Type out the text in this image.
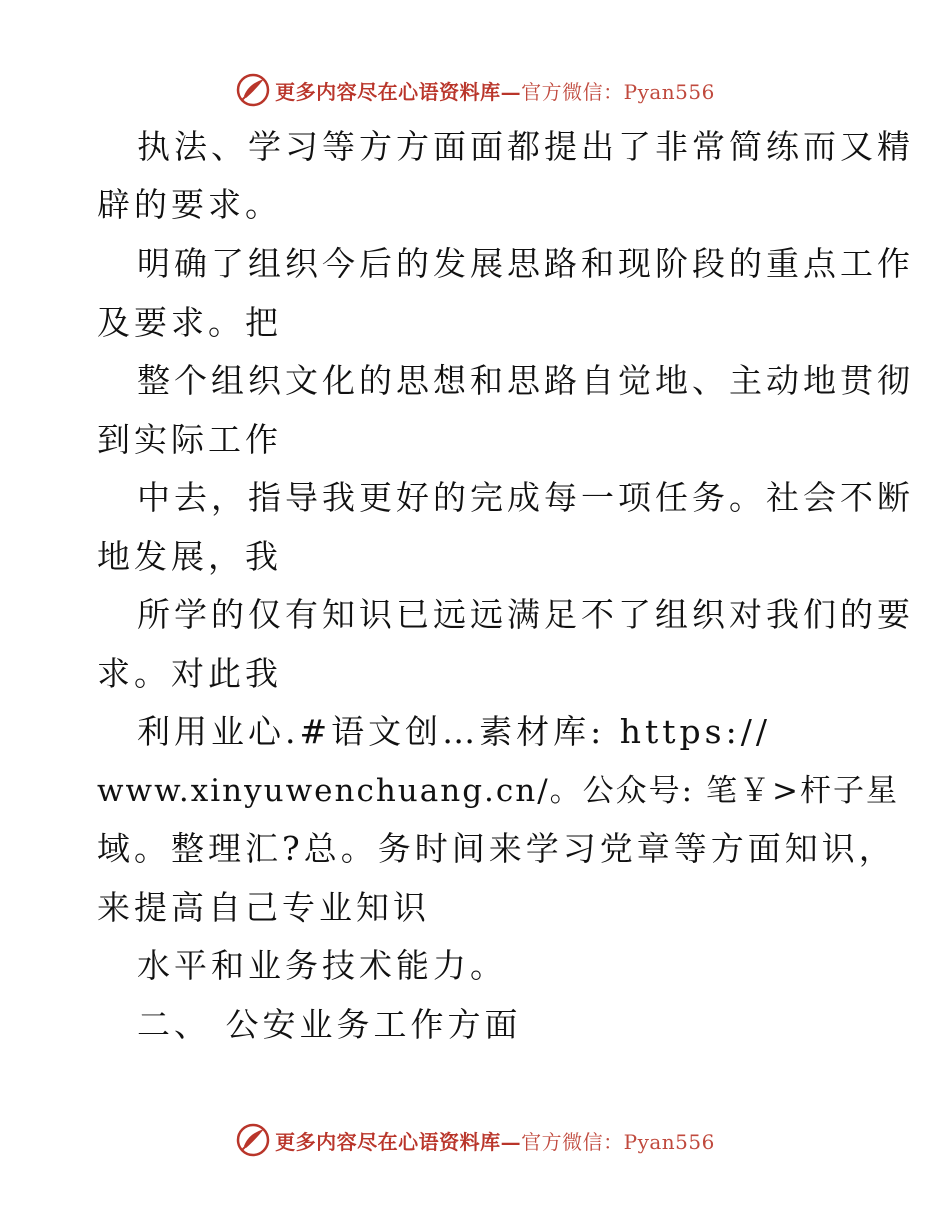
更多内容尽在心语资料库—官方微信：Pyan556
执法、学习等方方面面都提出了非常简练而又精
辟的要求。
明确了组织今后的发展思路和现阶段的重点工作
及要求。把
整个组织文化的思想和思路自觉地、主动地贯彻
到实际工作
中去，指导我更好的完成每一项任务。社会不断
地发展，我
所学的仅有知识已远远满足不了组织对我们的要
求。对此我
利用业心.#语文创…素材库: https://
www.xinyuwenchuang.cn/。公众号: 笔￥>杆子星
域。整理汇?总。务时间来学习党章等方面知识，
来提高自己专业知识
水平和业务技术能力。
二、 公安业务工作方面
更多内容尽在心语资料库—官方微信：Pyan556
